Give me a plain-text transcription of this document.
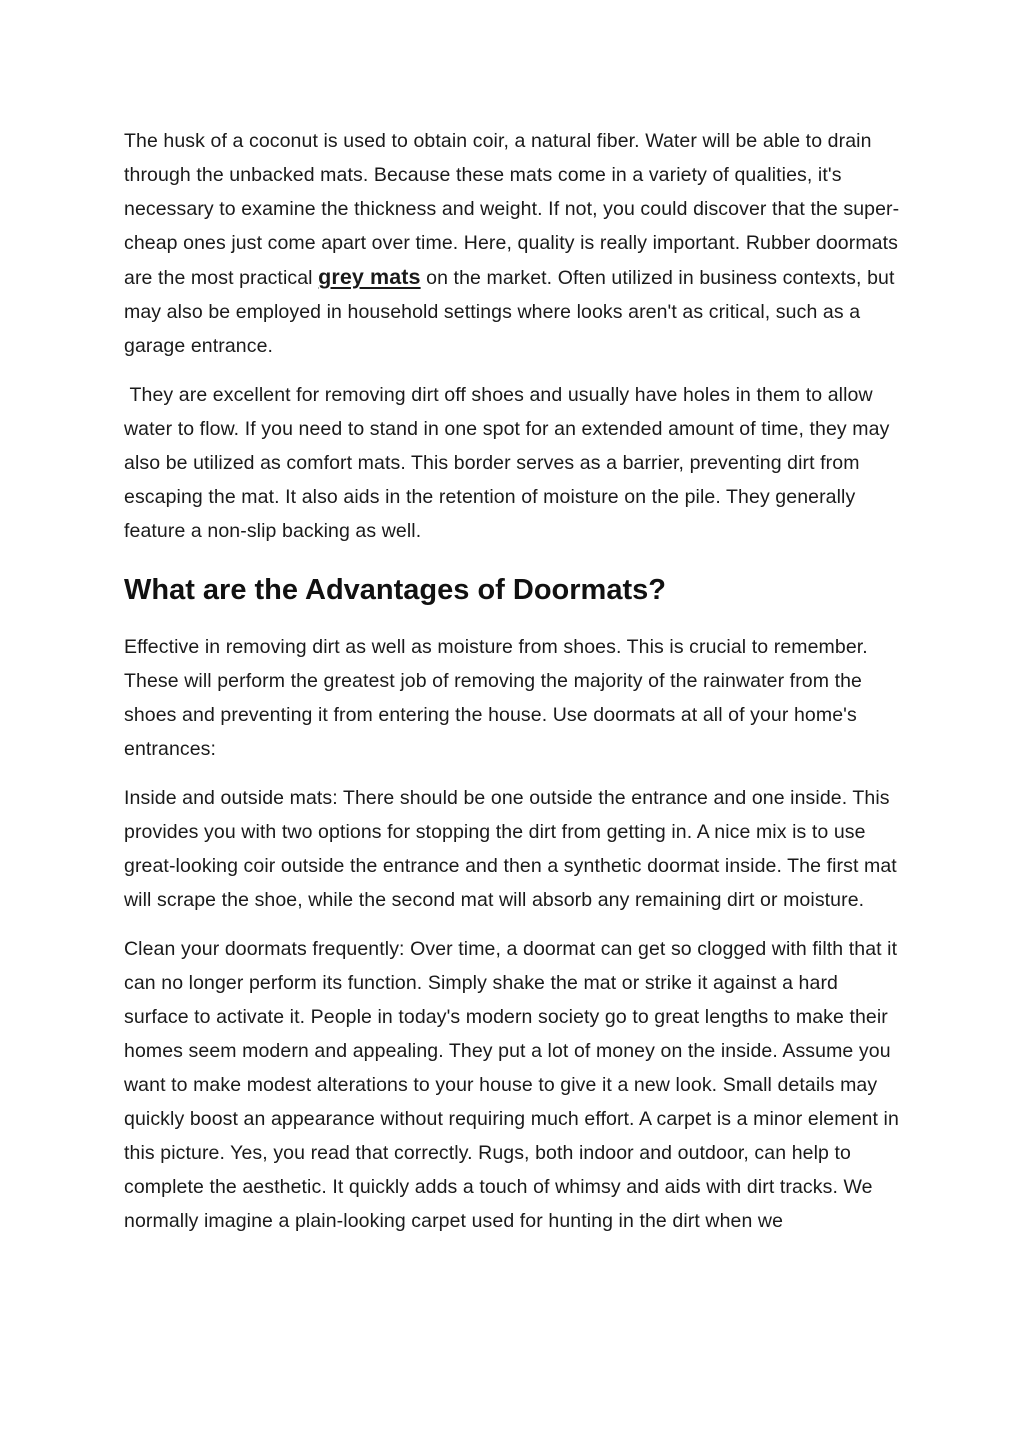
The husk of a coconut is used to obtain coir, a natural fiber. Water will be able to drain through the unbacked mats. Because these mats come in a variety of qualities, it's necessary to examine the thickness and weight. If not, you could discover that the super-cheap ones just come apart over time. Here, quality is really important. Rubber doormats are the most practical grey mats on the market. Often utilized in business contexts, but may also be employed in household settings where looks aren't as critical, such as a garage entrance.

They are excellent for removing dirt off shoes and usually have holes in them to allow water to flow. If you need to stand in one spot for an extended amount of time, they may also be utilized as comfort mats. This border serves as a barrier, preventing dirt from escaping the mat. It also aids in the retention of moisture on the pile. They generally feature a non-slip backing as well.

What are the Advantages of Doormats?

Effective in removing dirt as well as moisture from shoes. This is crucial to remember. These will perform the greatest job of removing the majority of the rainwater from the shoes and preventing it from entering the house. Use doormats at all of your home's entrances:

Inside and outside mats: There should be one outside the entrance and one inside. This provides you with two options for stopping the dirt from getting in. A nice mix is to use great-looking coir outside the entrance and then a synthetic doormat inside. The first mat will scrape the shoe, while the second mat will absorb any remaining dirt or moisture.

Clean your doormats frequently: Over time, a doormat can get so clogged with filth that it can no longer perform its function. Simply shake the mat or strike it against a hard surface to activate it. People in today's modern society go to great lengths to make their homes seem modern and appealing. They put a lot of money on the inside. Assume you want to make modest alterations to your house to give it a new look. Small details may quickly boost an appearance without requiring much effort. A carpet is a minor element in this picture. Yes, you read that correctly. Rugs, both indoor and outdoor, can help to complete the aesthetic. It quickly adds a touch of whimsy and aids with dirt tracks. We normally imagine a plain-looking carpet used for hunting in the dirt when we
